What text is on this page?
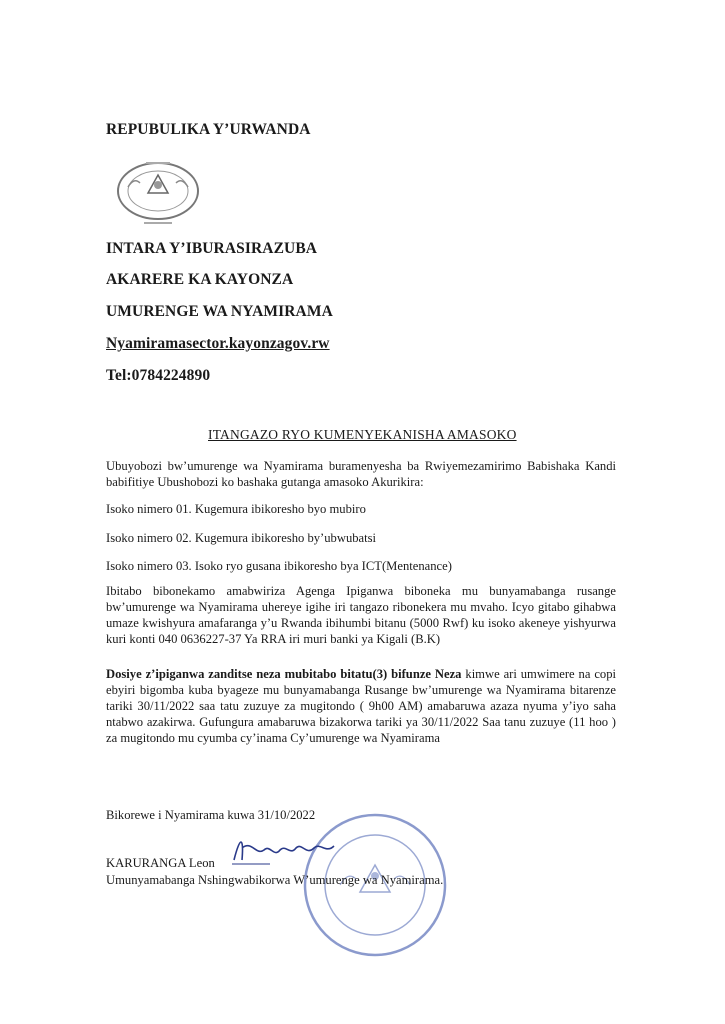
REPUBULIKA Y’URWANDA
INTARA Y’IBURASIRAZUBA
AKARERE KA KAYONZA
UMURENGE WA NYAMIRAMA
Nyamiramasector.kayonzagov.rw
Tel:0784224890
ITANGAZO RYO KUMENYEKANISHA AMASOKO
Ubuyobozi bw’umurenge wa Nyamirama buramenyesha ba Rwiyemezamirimo Babishaka Kandi babifitiye Ubushobozi ko bashaka gutanga amasoko Akurikira:
Isoko nimero 01. Kugemura ibikoresho byo mubiro
Isoko nimero 02. Kugemura ibikoresho by’ubwubatsi
Isoko nimero 03. Isoko ryo gusana ibikoresho bya ICT(Mentenance)
Ibitabo bibonekamo amabwiriza Agenga Ipiganwa biboneka mu bunyamabanga rusange bw’umurenge wa Nyamirama uhereye igihe iri tangazo ribonekera mu mvaho. Icyo gitabo gihabwa umaze kwishyura amafaranga y’u Rwanda ibihumbi bitanu (5000 Rwf) ku isoko akeneye yishyurwa kuri konti 040 0636227-37 Ya RRA iri muri banki ya Kigali (B.K)
Dosiye z’ipiganwa zanditse neza mubitabo bitatu(3) bifunze Neza kimwe ari umwimere na copi ebyiri bigomba kuba byageze mu bunyamabanga Rusange bw’umurenge wa Nyamirama bitarenze tariki 30/11/2022 saa tatu zuzuye za mugitondo ( 9h00 AM) amabaruwa azaza nyuma y’iyo saha ntabwo azakirwa. Gufungura amabaruwa bizakorwa tariki ya 30/11/2022 Saa tanu zuzuye (11 hoo ) za mugitondo mu cyumba cy’inama Cy’umurenge wa Nyamirama
Bikorewe i Nyamirama kuwa 31/10/2022
KARURANGA Leon
Umunyamabanga Nshingwabikorwa W’umurenge wa Nyamirama.
